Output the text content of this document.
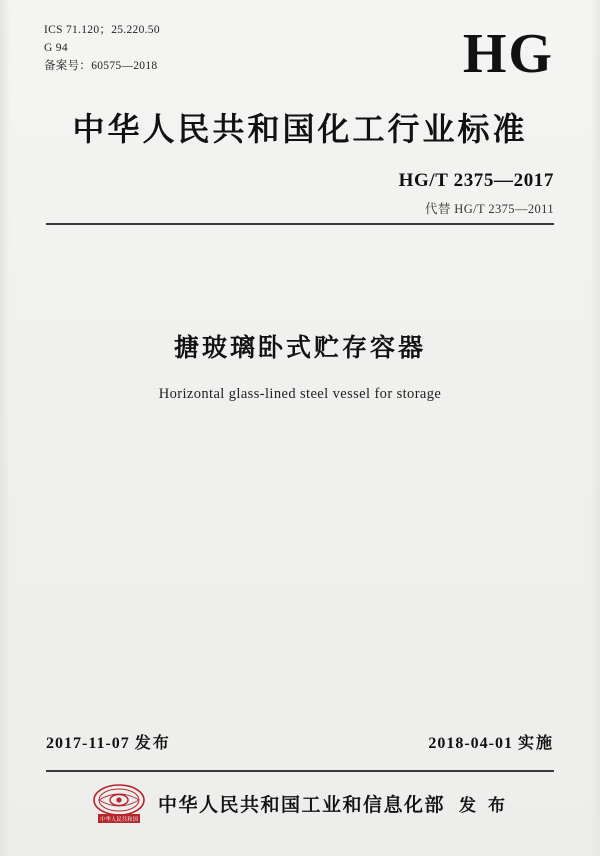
ICS 71.120；25.220.50
G 94
备案号：60575—2018	HG
中华人民共和国化工行业标准
HG/T 2375—2017
代替 HG/T 2375—2011
搪玻璃卧式贮存容器
Horizontal glass-lined steel vessel for storage
2017-11-07 发布	2018-04-01 实施
中华人民共和国
中华人民共和国工业和信息化部 发 布
